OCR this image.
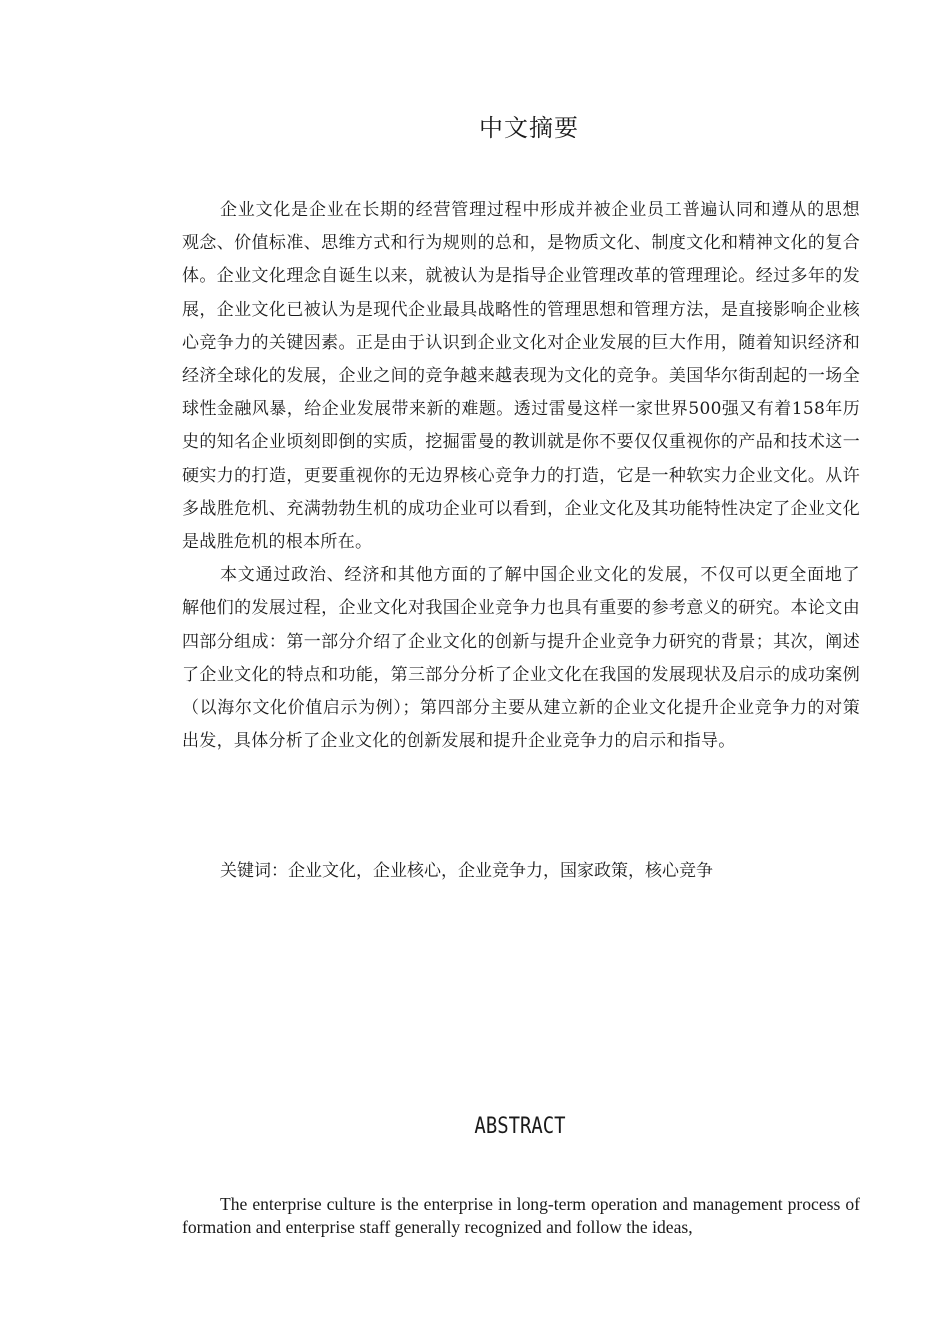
中文摘要

企业文化是企业在长期的经营管理过程中形成并被企业员工普遍认同和遵从的思想观念、价值标准、思维方式和行为规则的总和，是物质文化、制度文化和精神文化的复合体。企业文化理念自诞生以来，就被认为是指导企业管理改革的管理理论。经过多年的发展，企业文化已被认为是现代企业最具战略性的管理思想和管理方法，是直接影响企业核心竞争力的关键因素。正是由于认识到企业文化对企业发展的巨大作用，随着知识经济和经济全球化的发展，企业之间的竞争越来越表现为文化的竞争。美国华尔街刮起的一场全球性金融风暴，给企业发展带来新的难题。透过雷曼这样一家世界500强又有着158年历史的知名企业顷刻即倒的实质，挖掘雷曼的教训就是你不要仅仅重视你的产品和技术这一硬实力的打造，更要重视你的无边界核心竞争力的打造，它是一种软实力企业文化。从许多战胜危机、充满勃勃生机的成功企业可以看到，企业文化及其功能特性决定了企业文化是战胜危机的根本所在。

本文通过政治、经济和其他方面的了解中国企业文化的发展，不仅可以更全面地了解他们的发展过程，企业文化对我国企业竞争力也具有重要的参考意义的研究。本论文由四部分组成：第一部分介绍了企业文化的创新与提升企业竞争力研究的背景；其次，阐述了企业文化的特点和功能，第三部分分析了企业文化在我国的发展现状及启示的成功案例（以海尔文化价值启示为例）；第四部分主要从建立新的企业文化提升企业竞争力的对策出发，具体分析了企业文化的创新发展和提升企业竞争力的启示和指导。

关键词：企业文化，企业核心，企业竞争力，国家政策，核心竞争

ABSTRACT

The enterprise culture is the enterprise in long-term operation and management process of formation and enterprise staff generally recognized and follow the ideas,
